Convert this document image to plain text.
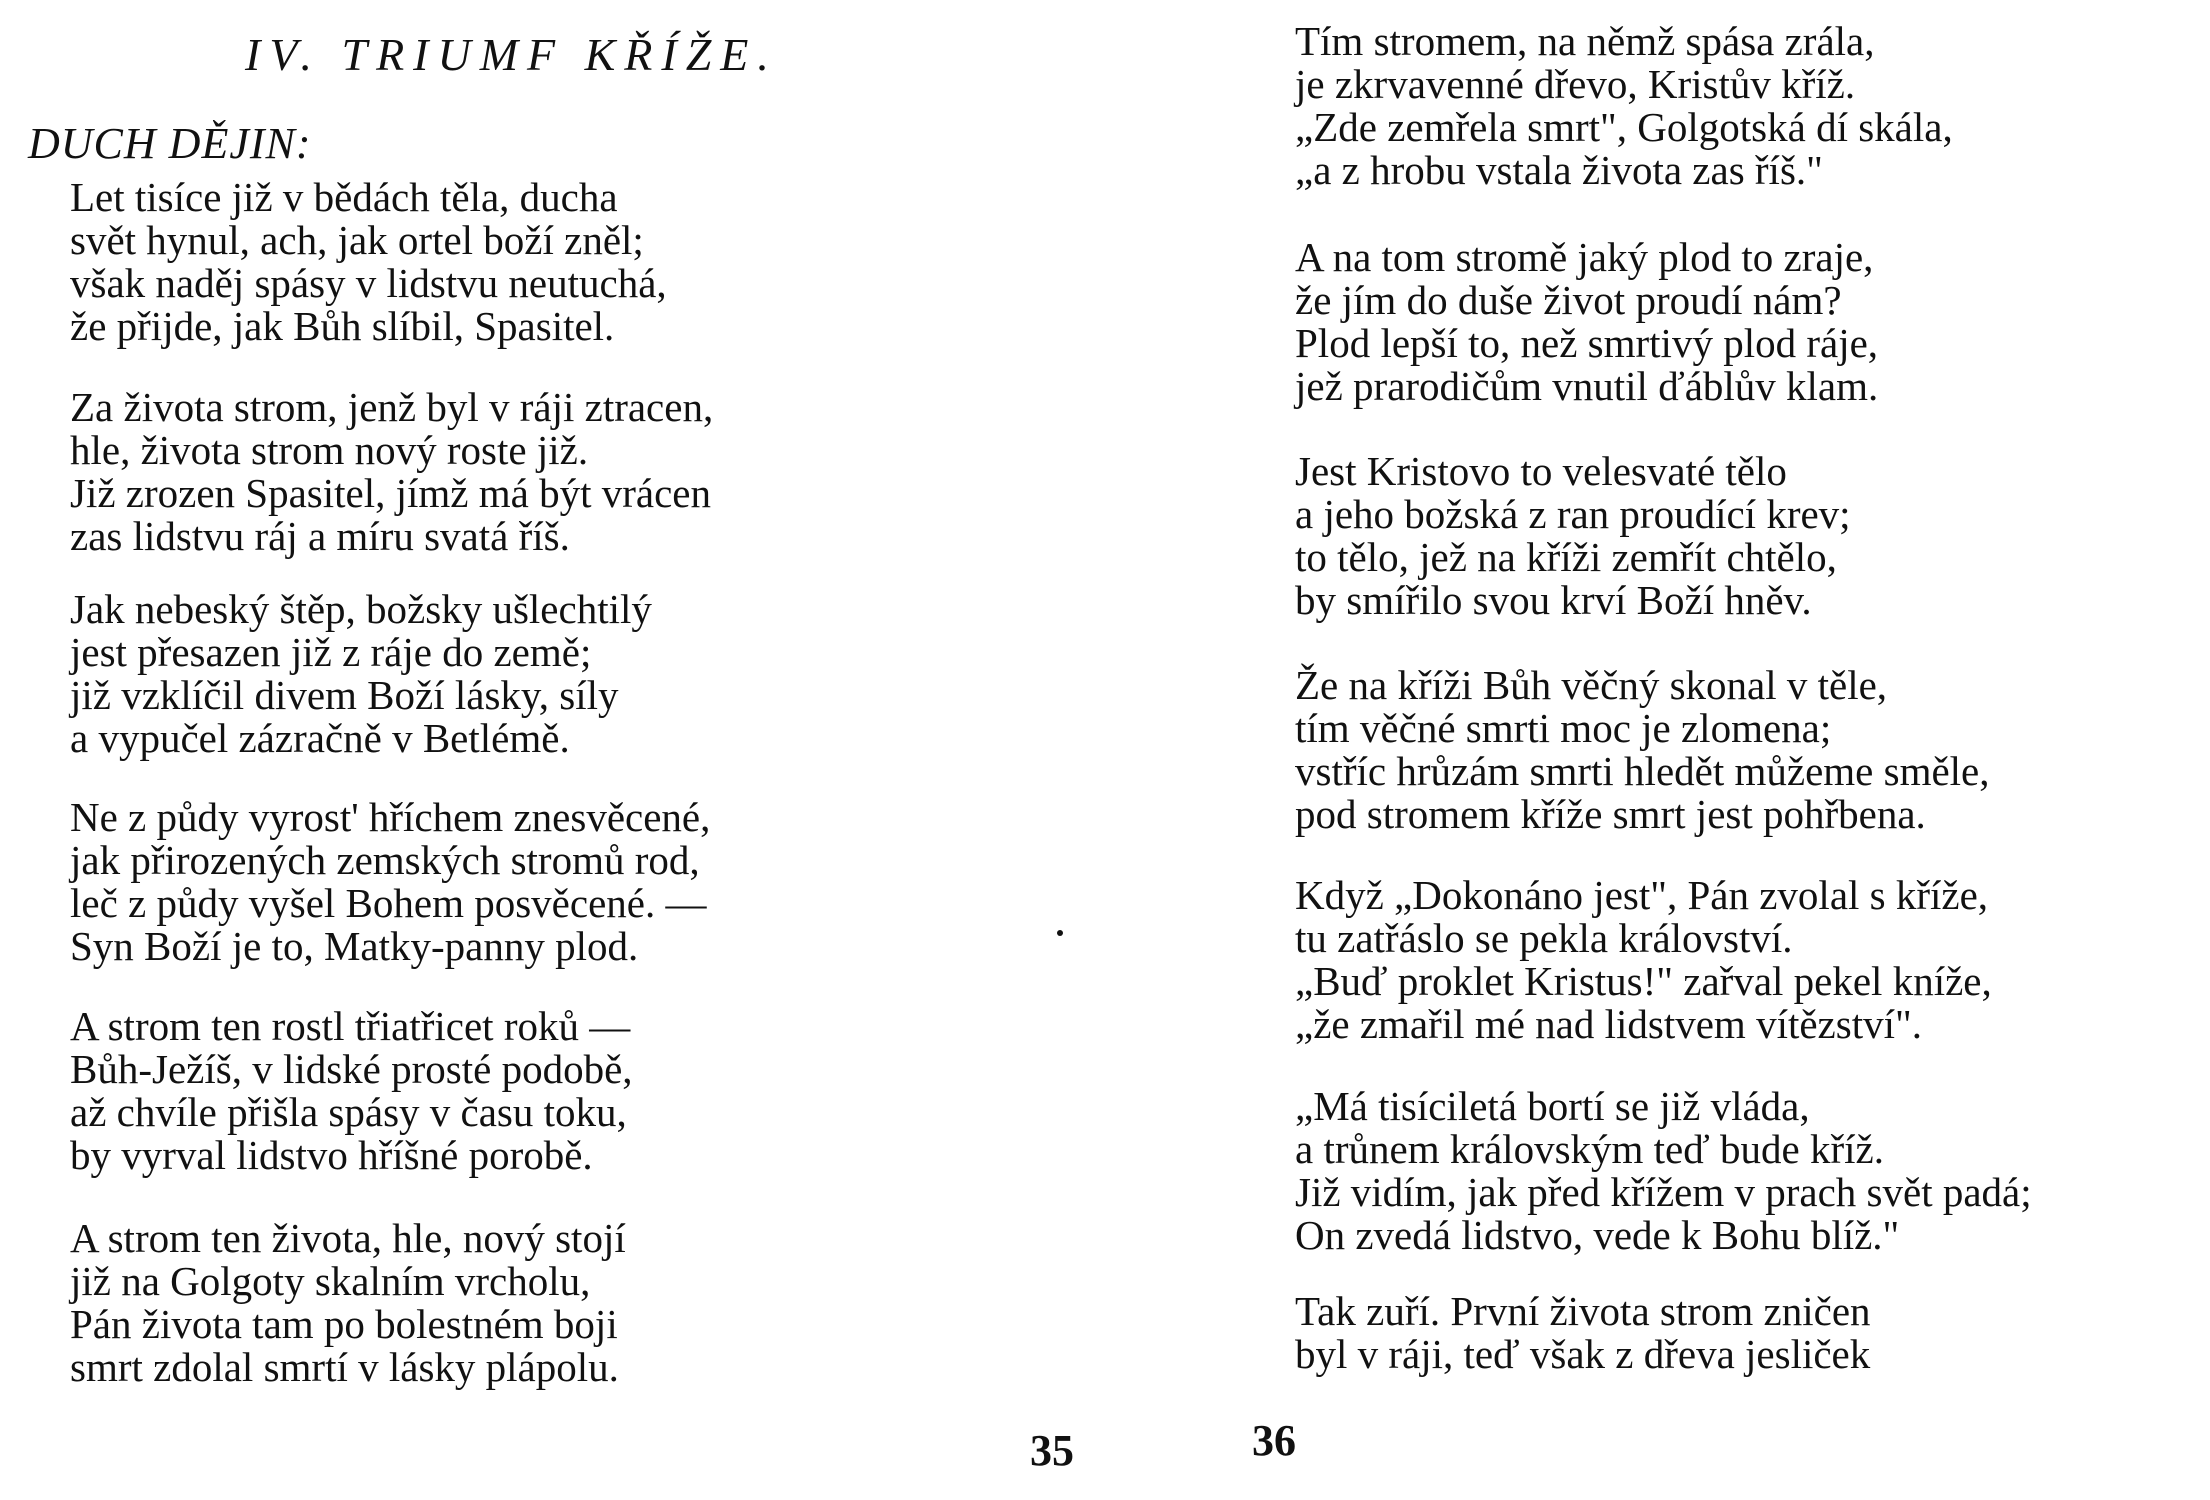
IV. TRIUMF KŘÍŽE.
DUCH DĚJIN:
Let tisíce již v bědách těla, ducha
svět hynul, ach, jak ortel boží zněl;
však naděj spásy v lidstvu neutuchá,
že přijde, jak Bůh slíbil, Spasitel.
Za života strom, jenž byl v ráji ztracen,
hle, života strom nový roste již.
Již zrozen Spasitel, jímž má být vrácen
zas lidstvu ráj a míru svatá říš.
Jak nebeský štěp, božsky ušlechtilý
jest přesazen již z ráje do země;
již vzklíčil divem Boží lásky, síly
a vypučel zázračně v Betlémě.
Ne z půdy vyrost' hříchem znesvěcené,
jak přirozených zemských stromů rod,
leč z půdy vyšel Bohem posvěcené. —
Syn Boží je to, Matky-panny plod.
A strom ten rostl třiatřicet roků —
Bůh-Ježíš, v lidské prosté podobě,
až chvíle přišla spásy v času toku,
by vyrval lidstvo hříšné porobě.
A strom ten života, hle, nový stojí
již na Golgoty skalním vrcholu,
Pán života tam po bolestném boji
smrt zdolal smrtí v lásky plápolu.
35
Tím stromem, na němž spása zrála,
je zkrvavenné dřevo, Kristův kříž.
„Zde zemřela smrt", Golgotská dí skála,
„a z hrobu vstala života zas říš."
A na tom stromě jaký plod to zraje,
že jím do duše život proudí nám?
Plod lepší to, než smrtivý plod ráje,
jež prarodičům vnutil ďáblův klam.
Jest Kristovo to velesvaté tělo
a jeho božská z ran proudící krev;
to tělo, jež na kříži zemřít chtělo,
by smířilo svou krví Boží hněv.
Že na kříži Bůh věčný skonal v těle,
tím věčné smrti moc je zlomena;
vstříc hrůzám smrti hledět můžeme směle,
pod stromem kříže smrt jest pohřbena.
Když „Dokonáno jest", Pán zvolal s kříže,
tu zatřáslo se pekla království.
„Buď proklet Kristus!" zařval pekel kníže,
„že zmařil mé nad lidstvem vítězství".
„Má tisíciletá bortí se již vláda,
a trůnem královským teď bude kříž.
Již vidím, jak před křížem v prach svět padá;
On zvedá lidstvo, vede k Bohu blíž."
Tak zuří. První života strom zničen
byl v ráji, teď však z dřeva jesliček
36
